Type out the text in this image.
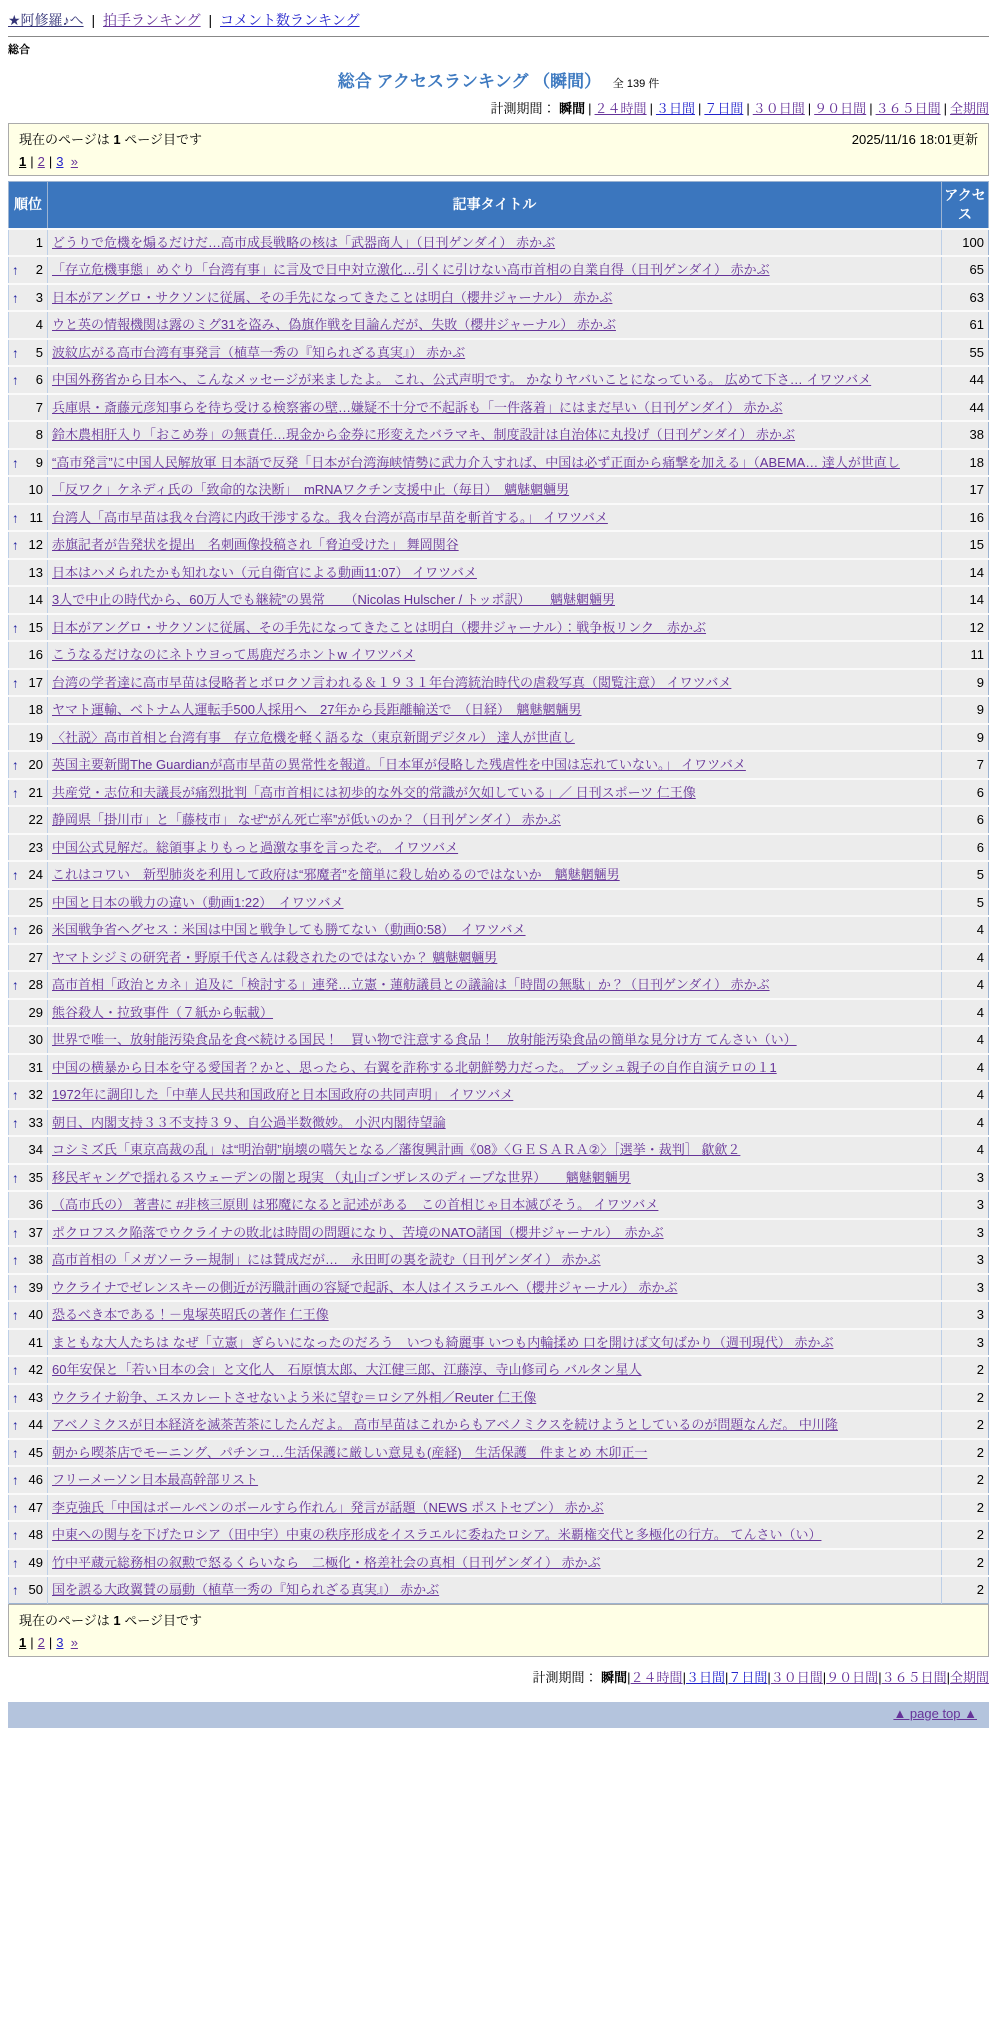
★阿修羅♪へ | 拍手ランキング | コメント数ランキング
総合
総合 アクセスランキング （瞬間） 全 139 件
計測期間： 瞬間 | ２４時間 | ３日間 | ７日間 | ３０日間 | ９０日間 | ３６５日間 | 全期間
現在のページは 1 ページ目です	2025/11/16 18:01更新
1 | 2 | 3 »
順位	記事タイトル	アクセス
1	どうりで危機を煽るだけだ…高市成長戦略の核は「武器商人」（日刊ゲンダイ） 赤かぶ	100

↑ 2	「存立危機事態」めぐり「台湾有事」に言及で日中対立激化…引くに引けない高市首相の自業自得（日刊ゲンダイ） 赤かぶ	65

↑ 3	日本がアングロ・サクソンに従属、その手先になってきたことは明白（櫻井ジャーナル） 赤かぶ	63
4	ウと英の情報機関は露のミグ31を盗み、偽旗作戦を目論んだが、失敗（櫻井ジャーナル） 赤かぶ	61

↑ 5	波紋広がる高市台湾有事発言（植草一秀の『知られざる真実』） 赤かぶ	55

↑ 6	中国外務省から日本へ、こんなメッセージが来ましたよ。 これ、公式声明です。 かなりヤバいことになっている。 広めて下さ… イワツバメ	44
7	兵庫県・斎藤元彦知事らを待ち受ける検察審の壁…嫌疑不十分で不起訴も「一件落着」にはまだ早い（日刊ゲンダイ） 赤かぶ	44
8	鈴木農相肝入り「おこめ券」の無責任…現金から金券に形変えたバラマキ、制度設計は自治体に丸投げ（日刊ゲンダイ） 赤かぶ	38

↑ 9	“高市発言”に中国人民解放軍 日本語で反発「日本が台湾海峡情勢に武力介入すれば、中国は必ず正面から痛撃を加える」（ABEMA… 達人が世直し	18
10	「反ワク」ケネディ氏の「致命的な決断」　mRNAワクチン支援中止（毎日）　魑魅魍魎男	17

↑ 11	台湾人「高市早苗は我々台湾に内政干渉するな。我々台湾が高市早苗を斬首する。」 イワツバメ	16

↑ 12	赤旗記者が告発状を提出　名刺画像投稿され「脅迫受けた」 舞岡関谷	15
13	日本はハメられたかも知れない（元自衛官による動画11:07） イワツバメ	14
14	3人で中止の時代から、60万人でも継続”の異常　　（Nicolas Hulscher / トッポ訳）　　魑魅魍魎男	14

↑ 15	日本がアングロ・サクソンに従属、その手先になってきたことは明白（櫻井ジャーナル）：戦争板リンク　赤かぶ	12
16	こうなるだけなのにネトウヨって馬鹿だろホントw イワツバメ	11

↑ 17	台湾の学者達に高市早苗は侵略者とボロクソ言われる＆１９３１年台湾統治時代の虐殺写真（閲覧注意） イワツバメ	9
18	ヤマト運輸、ベトナム人運転手500人採用へ　27年から長距離輸送で　（日経）　魑魅魍魎男	9
19	〈社説〉高市首相と台湾有事　存立危機を軽く語るな（東京新聞デジタル） 達人が世直し	9

↑ 20	英国主要新聞The Guardianが高市早苗の異常性を報道。「日本軍が侵略した残虐性を中国は忘れていない。」 イワツバメ	7

↑ 21	共産党・志位和夫議長が痛烈批判「高市首相には初歩的な外交的常識が欠如している」／ 日刊スポーツ 仁王像	6
22	静岡県「掛川市」と「藤枝市」 なぜ“がん死亡率”が低いのか？（日刊ゲンダイ） 赤かぶ	6
23	中国公式見解だ。総領事よりもっと過激な事を言ったぞ。 イワツバメ	6

↑ 24	これはコワい　新型肺炎を利用して政府は“邪魔者”を簡単に殺し始めるのではないか　魑魅魍魎男	5
25	中国と日本の戦力の違い（動画1:22）　イワツバメ	5

↑ 26	米国戦争省ヘグセス：米国は中国と戦争しても勝てない（動画0:58）　イワツバメ	4
27	ヤマトシジミの研究者・野原千代さんは殺されたのではないか？ 魑魅魍魎男	4

↑ 28	高市首相「政治とカネ」追及に「検討する」連発…立憲・蓮舫議員との議論は「時間の無駄」か？（日刊ゲンダイ） 赤かぶ	4
29	熊谷殺人・拉致事件（７紙から転載）	4
30	世界で唯一、放射能汚染食品を食べ続ける国民！　買い物で注意する食品！　放射能汚染食品の簡単な見分け方 てんさい（い）	4
31	中国の横暴から日本を守る愛国者？かと、思ったら、右翼を詐称する北朝鮮勢力だった。 ブッシュ親子の自作自演テロの１1	4

↑ 32	1972年に調印した「中華人民共和国政府と日本国政府の共同声明」 イワツバメ	4

↑ 33	朝日、内閣支持３３不支持３９、自公過半数微妙。 小沢内閣待望論	4
34	コシミズ氏「東京高裁の乱」は“明治朝”崩壊の嚆矢となる／藩復興計画《08》〈ＧＥＳＡＲＡ②〉［選挙・裁判］ 歙歛２	4

↑ 35	移民ギャングで揺れるスウェーデンの闇と現実 （丸山ゴンザレスのディープな世界）　　魑魅魍魎男	3
36	（高市氏の） 著書に #非核三原則 は邪魔になると記述がある　この首相じゃ日本滅びそう。 イワツバメ	3

↑ 37	ポクロフスク陥落でウクライナの敗北は時間の問題になり、苦境のNATO諸国（櫻井ジャーナル）　赤かぶ	3

↑ 38	高市首相の「メガソーラー規制」には賛成だが…　永田町の裏を読む（日刊ゲンダイ） 赤かぶ	3

↑ 39	ウクライナでゼレンスキーの側近が汚職計画の容疑で起訴、本人はイスラエルへ（櫻井ジャーナル） 赤かぶ	3

↑ 40	恐るべき本である！－鬼塚英昭氏の著作 仁王像	3
41	まともな大人たちは なぜ「立憲」ぎらいになったのだろう　いつも綺麗事 いつも内輪揉め 口を開けば文句ばかり（週刊現代） 赤かぶ	3

↑ 42	60年安保と「若い日本の会」と文化人　石原慎太郎、大江健三郎、江藤淳、寺山修司ら バルタン星人	2

↑ 43	ウクライナ紛争、エスカレートさせないよう米に望む＝ロシア外相／Reuter 仁王像	2

↑ 44	アベノミクスが日本経済を滅茶苦茶にしたんだよ。 高市早苗はこれからもアベノミクスを続けようとしているのが問題なんだ。 中川隆	2

↑ 45	朝から喫茶店でモーニング、パチンコ…生活保護に厳しい意見も(産経)　生活保護　件まとめ 木卯正一	2

↑ 46	フリーメーソン日本最高幹部リスト	2

↑ 47	李克強氏「中国はボールペンのボールすら作れん」発言が話題（NEWS ポストセブン） 赤かぶ	2

↑ 48	中東への関与を下げたロシア（田中宇）中東の秩序形成をイスラエルに委ねたロシア。米覇権交代と多極化の行方。 てんさい（い）	2

↑ 49	竹中平蔵元総務相の叙勲で怒るくらいなら　二極化・格差社会の真相（日刊ゲンダイ） 赤かぶ	2

↑ 50	国を誤る大政翼賛の扇動（植草一秀の『知られざる真実』） 赤かぶ	2
現在のページは 1 ページ目です
1 | 2 | 3 »
計測期間： 瞬間|２４時間|３日間|７日間|３０日間|９０日間|３６５日間|全期間
▲ page top ▲
